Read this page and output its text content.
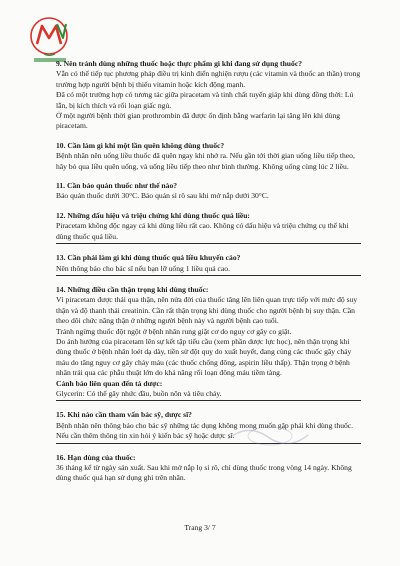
9. Nên tránh dùng những thuốc hoặc thực phẩm gì khi đang sử dụng thuốc?

Vẫn có thể tiếp tục phương pháp điều trị kinh điển nghiện rượu (các vitamin và thuốc an thần) trong trường hợp người bệnh bị thiếu vitamin hoặc kích động mạnh.

Đã có một trường hợp có tương tác giữa piracetam và tinh chất tuyến giáp khi dùng đồng thời: Lú lẫn, bị kích thích và rối loạn giấc ngủ.

Ở một người bệnh thời gian prothrombin đã được ổn định bằng warfarin lại tăng lên khi dùng piracetam.

10. Cần làm gì khi một lần quên không dùng thuốc?

Bệnh nhân nên uống liều thuốc đã quên ngay khi nhớ ra. Nếu gần tới thời gian uống liều tiếp theo, hãy bỏ qua liều quên uống, và uống liều tiếp theo như bình thường. Không uống cùng lúc 2 liều.

11. Cần bảo quản thuốc như thế nào?

Bảo quản thuốc dưới 30°C. Bảo quản sỉ rô sau khi mở nắp dưới 30°C.

12. Những dấu hiệu và triệu chứng khi dùng thuốc quá liều:

Piracetam không độc ngay cả khi dùng liều rất cao. Không có dấu hiệu và triệu chứng cụ thể khi dùng thuốc quá liều.

13. Cần phải làm gì khi dùng thuốc quá liều khuyến cáo?

Nên thông báo cho bác sĩ nếu bạn lỡ uống 1 liều quá cao.

14. Những điều cần thận trọng khi dùng thuốc:

Vì piracetam được thải qua thận, nên nửa đời của thuốc tăng lên liên quan trực tiếp với mức độ suy thận và độ thanh thải creatinin. Cần rất thận trọng khi dùng thuốc cho người bệnh bị suy thận. Cần theo dõi chức năng thận ở những người bệnh này và người bệnh cao tuổi.

Tránh ngừng thuốc đột ngột ở bệnh nhân rung giật cơ do nguy cơ gây co giật.

Do ảnh hưởng của piracetam lên sự kết tập tiểu cầu (xem phần dược lực học), nên thận trọng khi dùng thuốc ở bệnh nhân loét dạ dày, tiền sử đột quỵ do xuất huyết, đang cùng các thuốc gây chảy máu do tăng nguy cơ gây chảy máu (các thuốc chống đông, aspirin liều thấp). Thận trọng ở bệnh nhân trải qua các phẫu thuật lớn do khả năng rối loạn đông máu tiềm tàng.

Cảnh báo liên quan đến tá dược:

Glycerin: Có thể gây nhức đầu, buồn nôn và tiêu chảy.

15. Khi nào cần tham vấn bác sỹ, dược sĩ?

Bệnh nhân nên thông báo cho bác sỹ những tác dụng không mong muốn gặp phải khi dùng thuốc.

Nếu cần thêm thông tin xin hỏi ý kiến bác sỹ hoặc dược sĩ.

16. Hạn dùng của thuốc:

36 tháng kể từ ngày sản xuất. Sau khi mở nắp lọ sỉ rô, chỉ dùng thuốc trong vòng 14 ngày. Không dùng thuốc quá hạn sử dụng ghi trên nhãn.

Trang 3/ 7
